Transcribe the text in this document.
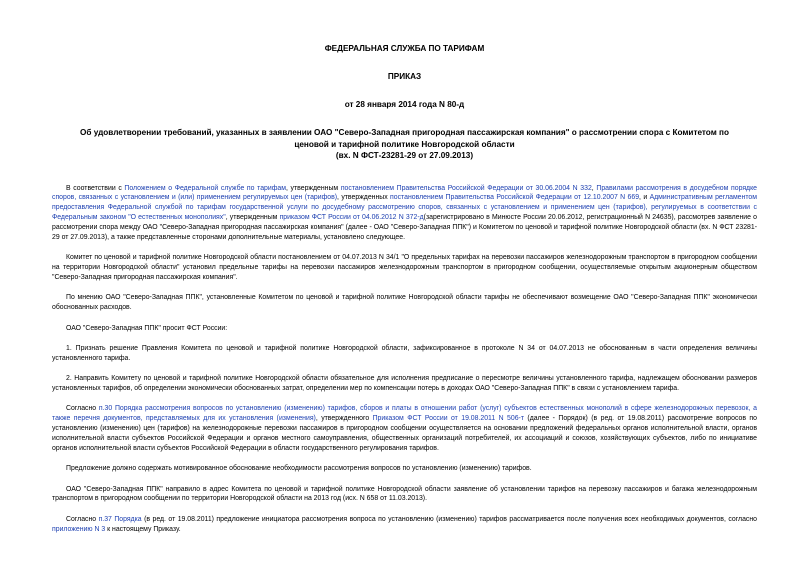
ФЕДЕРАЛЬНАЯ СЛУЖБА ПО ТАРИФАМ
ПРИКАЗ
от 28 января 2014 года N 80-д
Об удовлетворении требований, указанных в заявлении ОАО "Северо-Западная пригородная пассажирская компания" о рассмотрении спора с Комитетом по
ценовой и тарифной политике Новгородской области
(вх. N ФСТ-23281-29 от 27.09.2013)

В соответствии с Положением о Федеральной службе по тарифам, утвержденным постановлением Правительства Российской Федерации от 30.06.2004 N 332, Правилами рассмотрения в досудебном порядке споров, связанных с установлением и (или) применением регулируемых цен (тарифов), утвержденных постановлением Правительства Российской Федерации от 12.10.2007 N 669, и Административным регламентом предоставления Федеральной службой по тарифам государственной услуги по досудебному рассмотрению споров, связанных с установлением и применением цен (тарифов), регулируемых в соответствии с Федеральным законом "О естественных монополиях", утвержденным приказом ФСТ России от 04.06.2012 N 372-д(зарегистрировано в Минюсте России 20.06.2012, регистрационный N 24635), рассмотрев заявление о рассмотрении спора между ОАО "Северо-Западная пригородная пассажирская компания" (далее - ОАО "Северо-Западная ППК") и Комитетом по ценовой и тарифной политике Новгородской области (вх. N ФСТ 23281-29 от 27.09.2013), а также представленные сторонами дополнительные материалы, установлено следующее.

Комитет по ценовой и тарифной политике Новгородской области постановлением от 04.07.2013 N 34/1 "О предельных тарифах на перевозки пассажиров железнодорожным транспортом в пригородном сообщении на территории Новгородской области" установил предельные тарифы на перевозки пассажиров железнодорожным транспортом в пригородном сообщении, осуществляемые открытым акционерным обществом "Северо-Западная пригородная пассажирская компания".

По мнению ОАО "Северо-Западная ППК", установленные Комитетом по ценовой и тарифной политике Новгородской области тарифы не обеспечивают возмещение ОАО "Северо-Западная ППК" экономически обоснованных расходов.

ОАО "Северо-Западная ППК" просит ФСТ России:

1. Признать решение Правления Комитета по ценовой и тарифной политике Новгородской области, зафиксированное в протоколе N 34 от 04.07.2013 не обоснованным в части определения величины установленного тарифа.

2. Направить Комитету по ценовой и тарифной политике Новгородской области обязательное для исполнения предписание о пересмотре величины установленного тарифа, надлежащем обосновании размеров установленных тарифов, об определении экономически обоснованных затрат, определении мер по компенсации потерь в доходах ОАО "Северо-Западная ППК" в связи с установлением тарифа.

Согласно п.30 Порядка рассмотрения вопросов по установлению (изменению) тарифов, сборов и платы в отношении работ (услуг) субъектов естественных монополий в сфере железнодорожных перевозок, а также перечня документов, представляемых для их установления (изменения), утвержденного Приказом ФСТ России от 19.08.2011 N 506-т (далее - Порядок) (в ред. от 19.08.2011) рассмотрение вопросов по установлению (изменению) цен (тарифов) на железнодорожные перевозки пассажиров в пригородном сообщении осуществляется на основании предложений федеральных органов исполнительной власти, органов исполнительной власти субъектов Российской Федерации и органов местного самоуправления, общественных организаций потребителей, их ассоциаций и союзов, хозяйствующих субъектов, либо по инициативе органов исполнительной власти субъектов Российской Федерации в области государственного регулирования тарифов.

Предложение должно содержать мотивированное обоснование необходимости рассмотрения вопросов по установлению (изменению) тарифов.

ОАО "Северо-Западная ППК" направило в адрес Комитета по ценовой и тарифной политике Новгородской области заявление об установлении тарифов на перевозку пассажиров и багажа железнодорожным транспортом в пригородном сообщении по территории Новгородской области на 2013 год (исх. N 658 от 11.03.2013).

Согласно п.37 Порядка (в ред. от 19.08.2011) предложение инициатора рассмотрения вопроса по установлению (изменению) тарифов рассматривается после получения всех необходимых документов, согласно приложению N 3 к настоящему Приказу.
